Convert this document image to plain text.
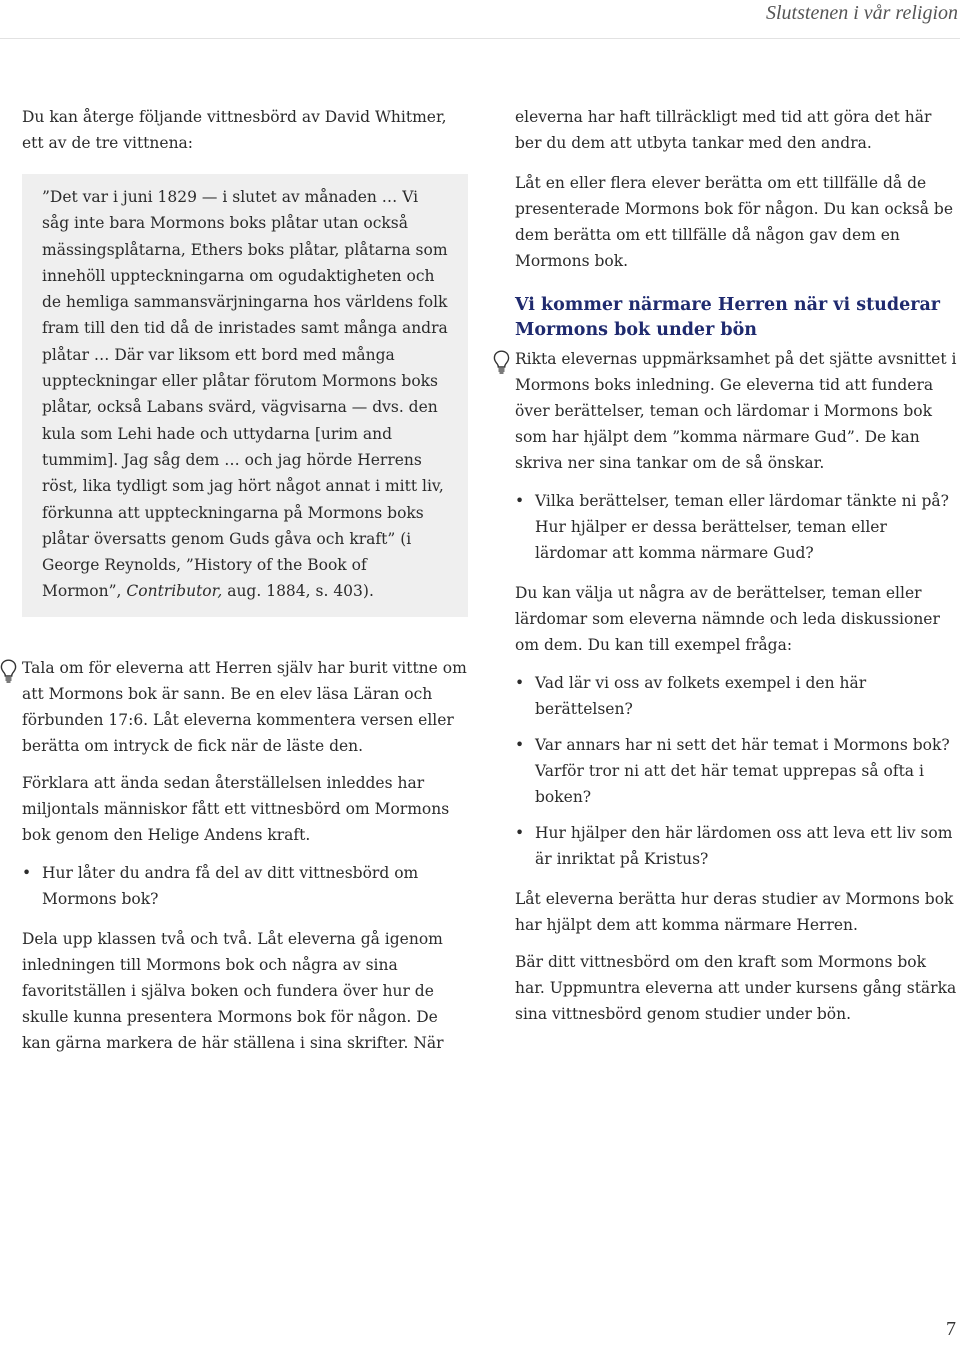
Slutstenen i vår religion

Du kan återge följande vittnesbörd av David Whitmer, ett av de tre vittnena:

”Det var i juni 1829 — i slutet av månaden … Vi såg inte bara Mormons boks plåtar utan också mässingsplåtarna, Ethers boks plåtar, plåtarna som innehöll uppteckningarna om ogudaktigheten och de hemliga sammansvärjningarna hos världens folk fram till den tid då de inristades samt många andra plåtar … Där var liksom ett bord med många uppteckningar eller plåtar förutom Mormons boks plåtar, också Labans svärd, vägvisarna — dvs. den kula som Lehi hade och uttydarna [urim and tummim]. Jag såg dem … och jag hörde Herrens röst, lika tydligt som jag hört något annat i mitt liv, förkunna att uppteckningarna på Mormons boks plåtar översatts genom Guds gåva och kraft” (i George Reynolds, ”History of the Book of Mormon”, Contributor, aug. 1884, s. 403).

Tala om för eleverna att Herren själv har burit vittne om att Mormons bok är sann. Be en elev läsa Läran och förbunden 17:6. Låt eleverna kommentera versen eller berätta om intryck de fick när de läste den.

Förklara att ända sedan återställelsen inleddes har miljontals människor fått ett vittnesbörd om Mormons bok genom den Helige Andens kraft.

• Hur låter du andra få del av ditt vittnesbörd om Mormons bok?

Dela upp klassen två och två. Låt eleverna gå igenom inledningen till Mormons bok och några av sina favoritställen i själva boken och fundera över hur de skulle kunna presentera Mormons bok för någon. De kan gärna markera de här ställena i sina skrifter. När

eleverna har haft tillräckligt med tid att göra det här ber du dem att utbyta tankar med den andra.

Låt en eller flera elever berätta om ett tillfälle då de presenterade Mormons bok för någon. Du kan också be dem berätta om ett tillfälle då någon gav dem en Mormons bok.

Vi kommer närmare Herren när vi studerar Mormons bok under bön

Rikta elevernas uppmärksamhet på det sjätte avsnittet i Mormons boks inledning. Ge eleverna tid att fundera över berättelser, teman och lärdomar i Mormons bok som har hjälpt dem ”komma närmare Gud”. De kan skriva ner sina tankar om de så önskar.

• Vilka berättelser, teman eller lärdomar tänkte ni på? Hur hjälper er dessa berättelser, teman eller lärdomar att komma närmare Gud?

Du kan välja ut några av de berättelser, teman eller lärdomar som eleverna nämnde och leda diskussioner om dem. Du kan till exempel fråga:

• Vad lär vi oss av folkets exempel i den här berättelsen?
• Var annars har ni sett det här temat i Mormons bok? Varför tror ni att det här temat upprepas så ofta i boken?
• Hur hjälper den här lärdomen oss att leva ett liv som är inriktat på Kristus?

Låt eleverna berätta hur deras studier av Mormons bok har hjälpt dem att komma närmare Herren.

Bär ditt vittnesbörd om den kraft som Mormons bok har. Uppmuntra eleverna att under kursens gång stärka sina vittnesbörd genom studier under bön.

7
